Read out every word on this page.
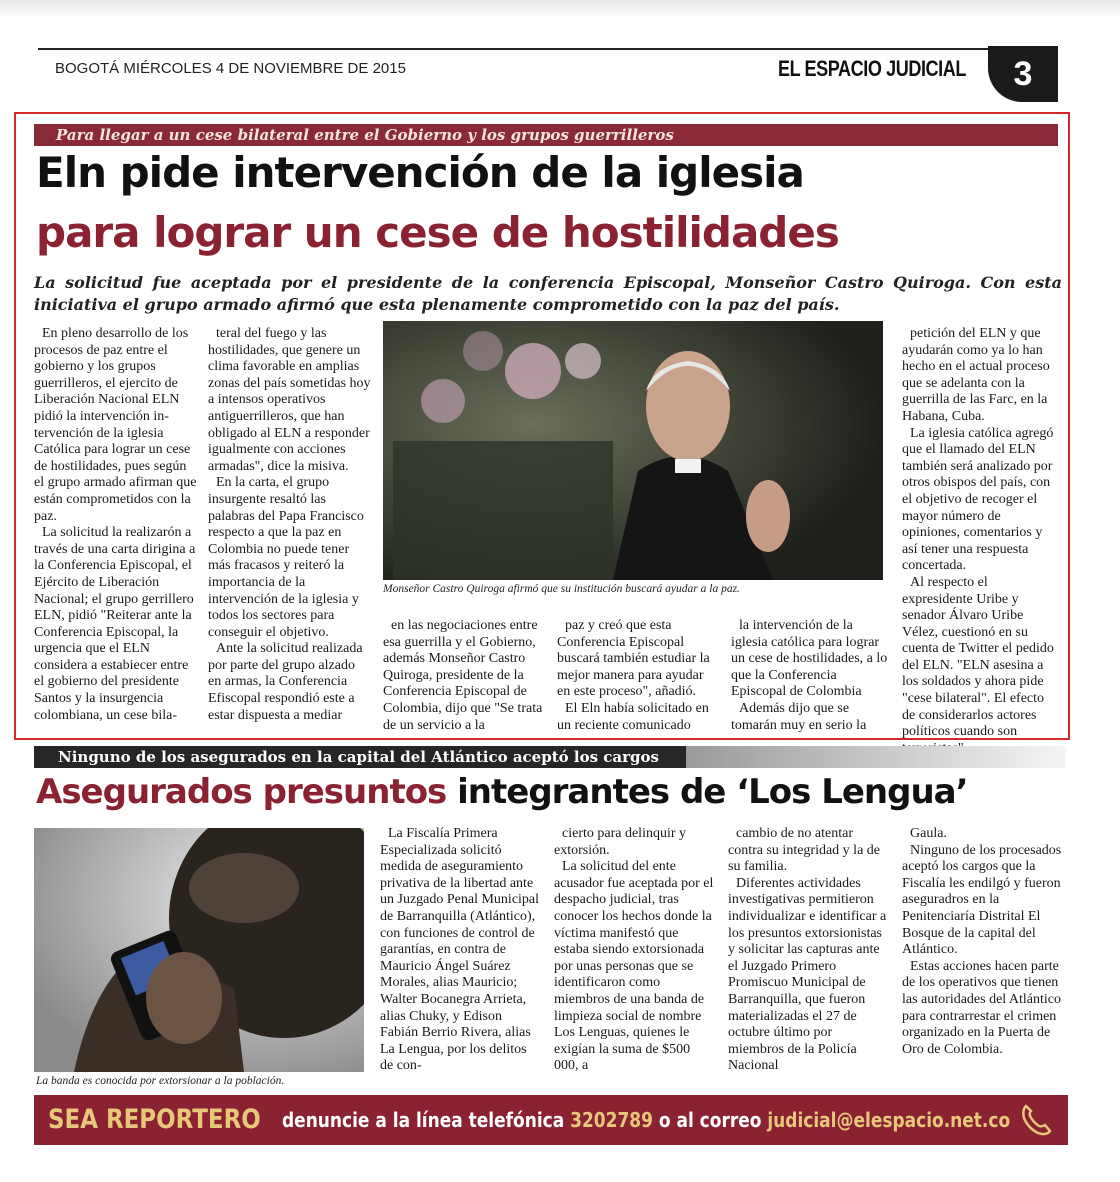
BOGOTÁ MIÉRCOLES 4 DE NOVIEMBRE DE 2015	EL ESPACIO JUDICIAL	3
Para llegar a un cese bilateral entre el Gobierno y los grupos guerrilleros
Eln pide intervención de la iglesia
para lograr un cese de hostilidades
La solicitud fue aceptada por el presidente de la conferencia Episcopal, Monseñor Castro Quiroga. Con esta iniciativa el grupo armado afirmó que esta plenamente comprometido con la paz del país.

En pleno desarrollo de los procesos de paz entre el gobierno y los grupos guerrilleros, el ejercito de Liberación Nacional ELN pidió la intervención in-tervención de la iglesia Católica para lograr un cese de hostilidades, pues según el grupo armado afirman que están comprometidos con la paz.

La solicitud la realizarón a través de una carta dirigina a la Conferencia Episcopal, el Ejército de Liberación Nacional; el grupo gerrillero ELN, pidió "Reiterar ante la Conferencia Episcopal, la urgencia que el ELN considera a estabiecer entre el gobierno del presidente Santos y la insurgencia colombiana, un cese bila-

teral del fuego y las hostilidades, que genere un clima favorable en amplias zonas del país sometidas hoy a intensos operativos antiguerrilleros, que han obligado al ELN a responder igualmente con acciones armadas", dice la misiva.

En la carta, el grupo insurgente resaltó las palabras del Papa Francisco respecto a que la paz en Colombia no puede tener más fracasos y reiteró la importancia de la intervención de la iglesia y todos los sectores para conseguir el objetivo.

Ante la solicitud realizada por parte del grupo alzado en armas, la Conferencia Efiscopal respondió este a estar dispuesta a mediar

Monseñor Castro Quiroga afirmó que su institución buscará ayudar a la paz.

en las negociaciones entre esa guerrilla y el Gobierno, además Monseñor Castro Quiroga, presidente de la Conferencia Episcopal de Colombia, dijo que "Se trata de un servicio a la

paz y creó que esta Conferencia Episcopal buscará también estudiar la mejor manera para ayudar en este proceso", añadió.

El Eln había solicitado en un reciente comunicado

la intervención de la iglesia católica para lograr un cese de hostilidades, a lo que la Conferencia Episcopal de Colombia

Además dijo que se tomarán muy en serio la

petición del ELN y que ayudarán como ya lo han hecho en el actual proceso que se adelanta con la guerrilla de las Farc, en la Habana, Cuba.

La iglesia católica agregó que el llamado del ELN también será analizado por otros obispos del país, con el objetivo de recoger el mayor número de opiniones, comentarios y así tener una respuesta concertada.

Al respecto el expresidente Uribe y senador Álvaro Uribe Vélez, cuestionó en su cuenta de Twitter el pedido del ELN. "ELN asesina a los soldados y ahora pide "cese bilateral". El efecto de considerarlos actores políticos cuando son

Ninguno de los asegurados en la capital del Atlántico aceptó los cargos
Asegurados presuntos integrantes de ‘Los Lengua’
La banda es conocida por extorsionar a la población.

La Fiscalía Primera Especializada solicitó medida de aseguramiento privativa de la libertad ante un Juzgado Penal Municipal de Barranquilla (Atlántico), con funciones de control de garantías, en contra de Mauricio Ángel Suárez Morales, alias Mauricio; Walter Bocanegra Arrieta, alias Chuky, y Edison Fabián Berrio Rivera, alias La Lengua, por los delitos de con-

cierto para delinquir y extorsión.

La solicitud del ente acusador fue aceptada por el despacho judicial, tras conocer los hechos donde la víctima manifestó que estaba siendo extorsionada por unas personas que se identificaron como miembros de una banda de limpieza social de nombre Los Lenguas, quienes le exigían la suma de $500 000, a

cambio de no atentar contra su integridad y la de su familia.

Diferentes actividades investigativas permitieron individualizar e identificar a los presuntos extorsionistas y solicitar las capturas ante el Juzgado Primero Promiscuo Municipal de Barranquilla, que fueron materializadas el 27 de octubre último por miembros de la Policía Nacional

Gaula.

Ninguno de los procesados aceptó los cargos que la Fiscalía les endilgó y fueron aseguradros en la Penitenciaría Distrital El Bosque de la capital del Atlántico.

Estas acciones hacen parte de los operativos que tienen las autoridades del Atlántico para contrarrestar el crimen organizado en la Puerta de Oro de Colombia.

SEA REPORTERO denuncie a la línea telefónica 3202789 o al correo judicial@elespacio.net.co
